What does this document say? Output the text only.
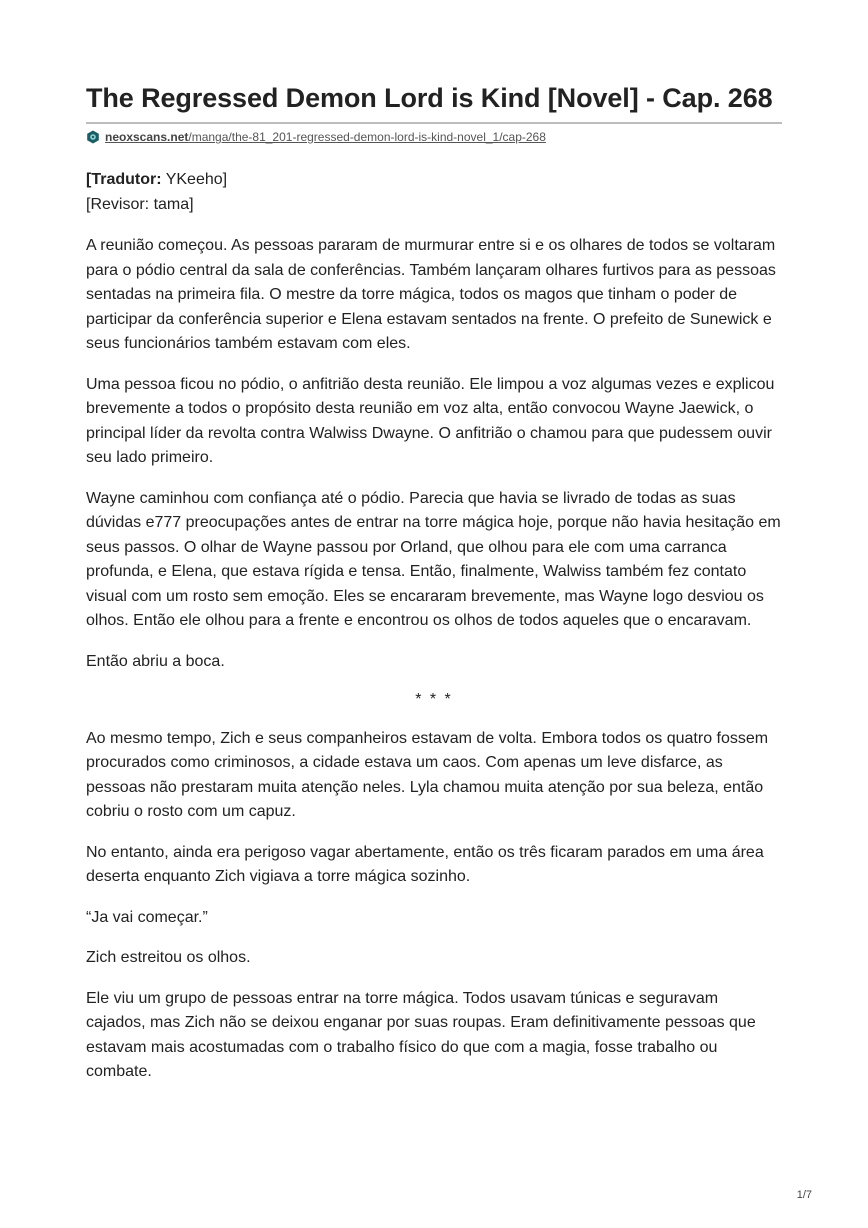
The Regressed Demon Lord is Kind [Novel] - Cap. 268
neoxscans.net/manga/the-81_201-regressed-demon-lord-is-kind-novel_1/cap-268
[Tradutor: YKeeho]
[Revisor: tama]

A reunião começou. As pessoas pararam de murmurar entre si e os olhares de todos se voltaram para o pódio central da sala de conferências. Também lançaram olhares furtivos para as pessoas sentadas na primeira fila. O mestre da torre mágica, todos os magos que tinham o poder de participar da conferência superior e Elena estavam sentados na frente. O prefeito de Sunewick e seus funcionários também estavam com eles.

Uma pessoa ficou no pódio, o anfitrião desta reunião. Ele limpou a voz algumas vezes e explicou brevemente a todos o propósito desta reunião em voz alta, então convocou Wayne Jaewick, o principal líder da revolta contra Walwiss Dwayne. O anfitrião o chamou para que pudessem ouvir seu lado primeiro.

Wayne caminhou com confiança até o pódio. Parecia que havia se livrado de todas as suas dúvidas e777 preocupações antes de entrar na torre mágica hoje, porque não havia hesitação em seus passos. O olhar de Wayne passou por Orland, que olhou para ele com uma carranca profunda, e Elena, que estava rígida e tensa. Então, finalmente, Walwiss também fez contato visual com um rosto sem emoção. Eles se encararam brevemente, mas Wayne logo desviou os olhos. Então ele olhou para a frente e encontrou os olhos de todos aqueles que o encaravam.

Então abriu a boca.

* * *

Ao mesmo tempo, Zich e seus companheiros estavam de volta. Embora todos os quatro fossem procurados como criminosos, a cidade estava um caos. Com apenas um leve disfarce, as pessoas não prestaram muita atenção neles. Lyla chamou muita atenção por sua beleza, então cobriu o rosto com um capuz.

No entanto, ainda era perigoso vagar abertamente, então os três ficaram parados em uma área deserta enquanto Zich vigiava a torre mágica sozinho.

“Ja vai começar.”

Zich estreitou os olhos.

Ele viu um grupo de pessoas entrar na torre mágica. Todos usavam túnicas e seguravam cajados, mas Zich não se deixou enganar por suas roupas. Eram definitivamente pessoas que estavam mais acostumadas com o trabalho físico do que com a magia, fosse trabalho ou combate.

1/7
